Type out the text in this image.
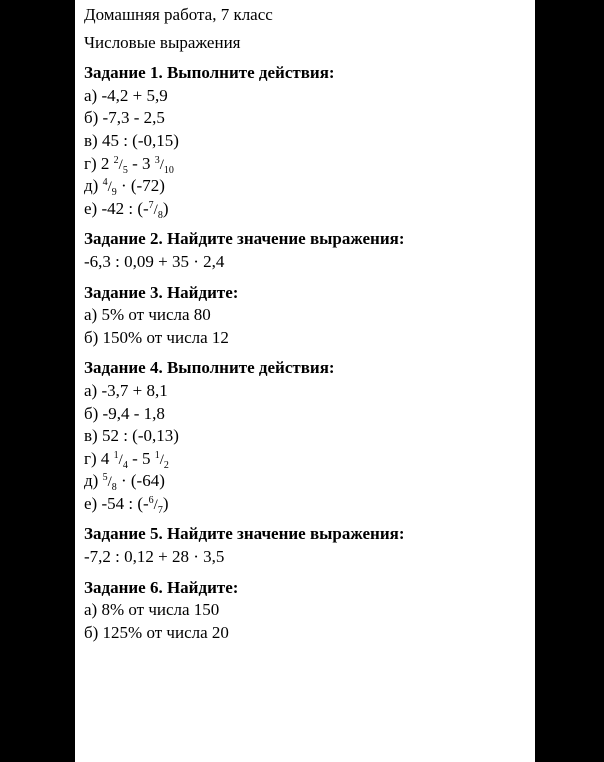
Домашняя работа, 7 класс
Числовые выражения
Задание 1. Выполните действия:
а) -4,2 + 5,9
б) -7,3 - 2,5
в) 45 : (-0,15)
г) 2 $^2/_5 - 3$ $^3/_{10}$
д) $^4/_9 \cdot (-72)$
е) -42 : $(-^7/_8)$
Задание 2. Найдите значение выражения:
-6,3 : 0,09 + 35 · 2,4
Задание 3. Найдите:
а) 5% от числа 80
б) 150% от числа 12
Задание 4. Выполните действия:
а) -3,7 + 8,1
б) -9,4 - 1,8
в) 52 : (-0,13)
г) 4 $^1/_4 - 5$ $^1/_2$
д) $^5/_8 \cdot (-64)$
е) -54 : $(-^6/_7)$
Задание 5. Найдите значение выражения:
-7,2 : 0,12 + 28 · 3,5
Задание 6. Найдите:
а) 8% от числа 150
б) 125% от числа 20
